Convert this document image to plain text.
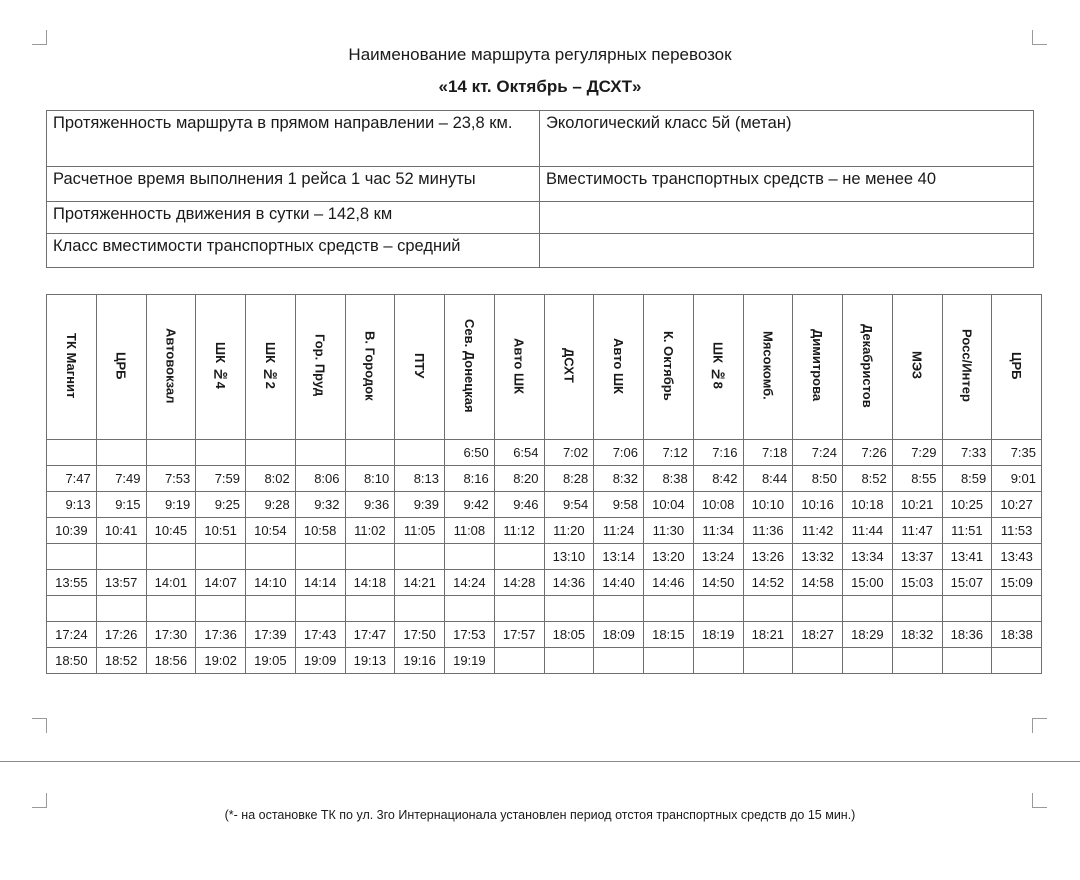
Наименование маршрута регулярных перевозок
«14 кт. Октябрь – ДСХТ»
Протяженность маршрута в прямом направлении – 23,8 км.	Экологический класс 5й (метан)
Расчетное время выполнения 1 рейса 1 час 52 минуты	Вместимость транспортных средств – не менее 40
Протяженность движения в сутки – 142,8 км	
Класс вместимости транспортных средств – средний	
ТК Магнит	ЦРБ	Автовокзал	ШК №4	ШК №2	Гор. Пруд	В. Городок	ПТУ	Сев. Донецкая	Авто ШК	ДСХТ	Авто ШК	К. Октябрь	ШК №8	Мясокомб.	Димитрова	Декабристов	МЭЗ	Росс/Интер	ЦРБ
								6:50	6:54	7:02	7:06	7:12	7:16	7:18	7:24	7:26	7:29	7:33	7:35
7:47	7:49	7:53	7:59	8:02	8:06	8:10	8:13	8:16	8:20	8:28	8:32	8:38	8:42	8:44	8:50	8:52	8:55	8:59	9:01
9:13	9:15	9:19	9:25	9:28	9:32	9:36	9:39	9:42	9:46	9:54	9:58	10:04	10:08	10:10	10:16	10:18	10:21	10:25	10:27
10:39	10:41	10:45	10:51	10:54	10:58	11:02	11:05	11:08	11:12	11:20	11:24	11:30	11:34	11:36	11:42	11:44	11:47	11:51	11:53
										13:10	13:14	13:20	13:24	13:26	13:32	13:34	13:37	13:41	13:43
13:55	13:57	14:01	14:07	14:10	14:14	14:18	14:21	14:24	14:28	14:36	14:40	14:46	14:50	14:52	14:58	15:00	15:03	15:07	15:09

17:24	17:26	17:30	17:36	17:39	17:43	17:47	17:50	17:53	17:57	18:05	18:09	18:15	18:19	18:21	18:27	18:29	18:32	18:36	18:38
18:50	18:52	18:56	19:02	19:05	19:09	19:13	19:16	19:19											
(*- на остановке ТК по ул. 3го Интернационала установлен период отстоя транспортных средств до 15 мин.)
